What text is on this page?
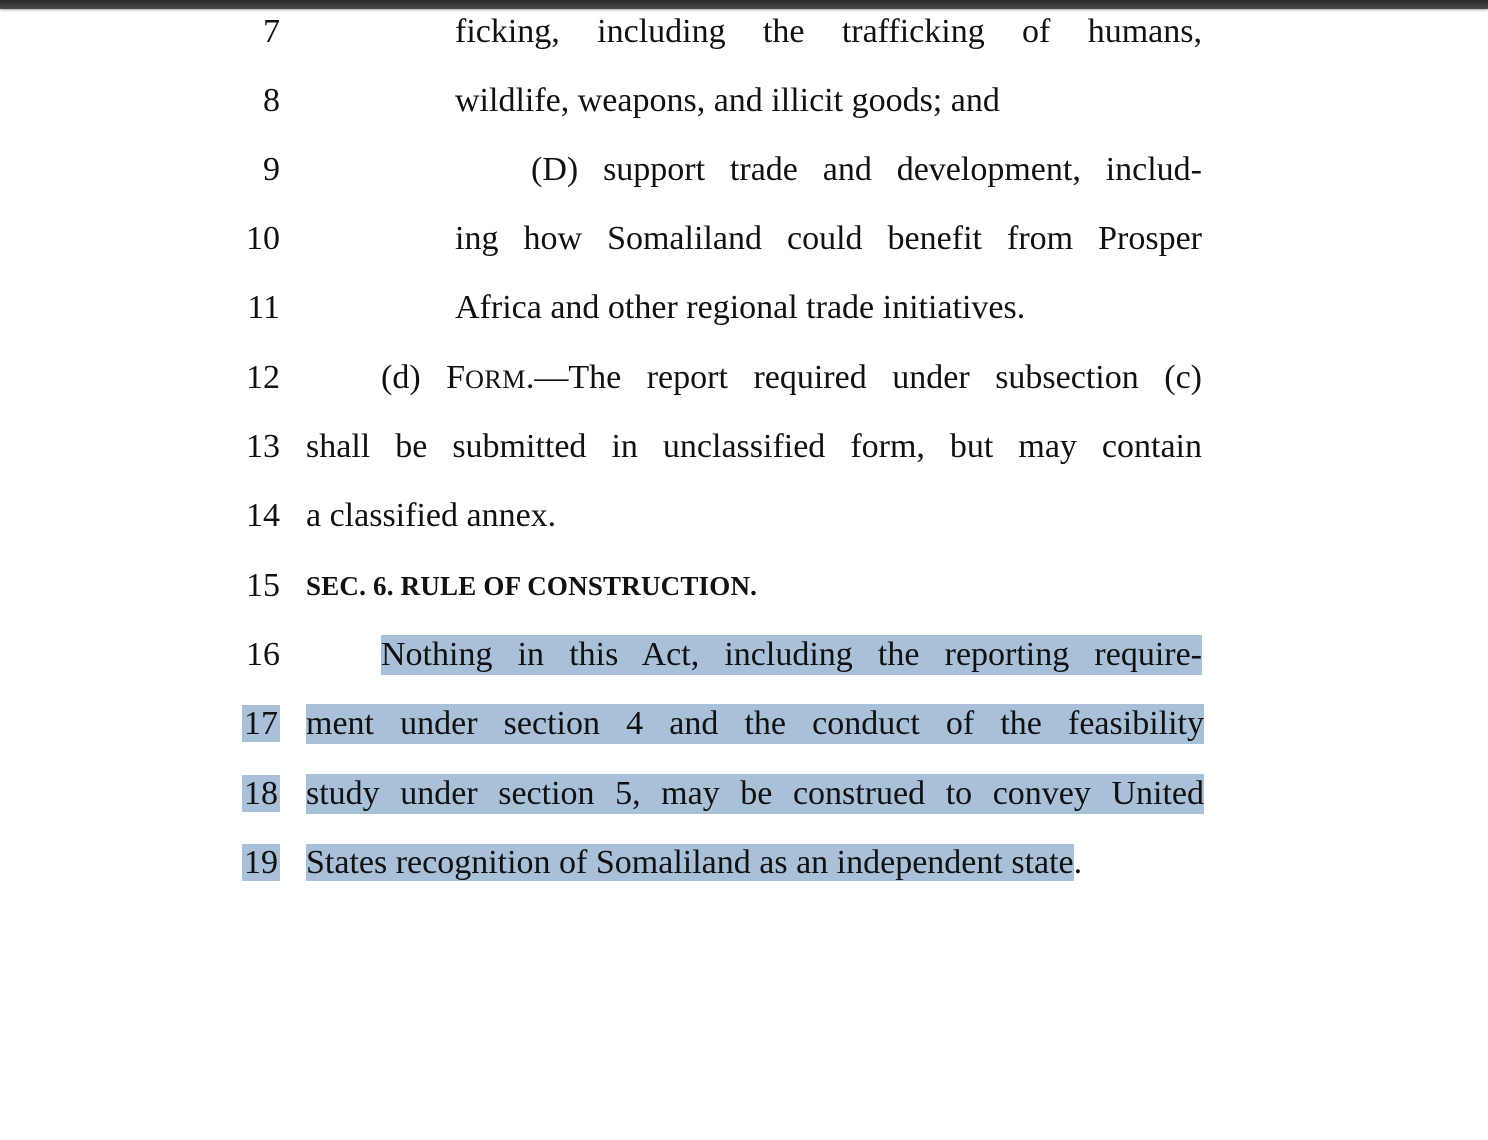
7	ficking, including the trafficking of humans,
8	wildlife, weapons, and illicit goods; and
9	(D) support trade and development, includ-
10	ing how Somaliland could benefit from Prosper
11	Africa and other regional trade initiatives.
12	(d) FORM.—The report required under subsection (c)
13 shall be submitted in unclassified form, but may contain
14 a classified annex.
15 SEC. 6. RULE OF CONSTRUCTION.
16	Nothing in this Act, including the reporting require-
17 ment under section 4 and the conduct of the feasibility
18 study under section 5, may be construed to convey United
19 States recognition of Somaliland as an independent state.
